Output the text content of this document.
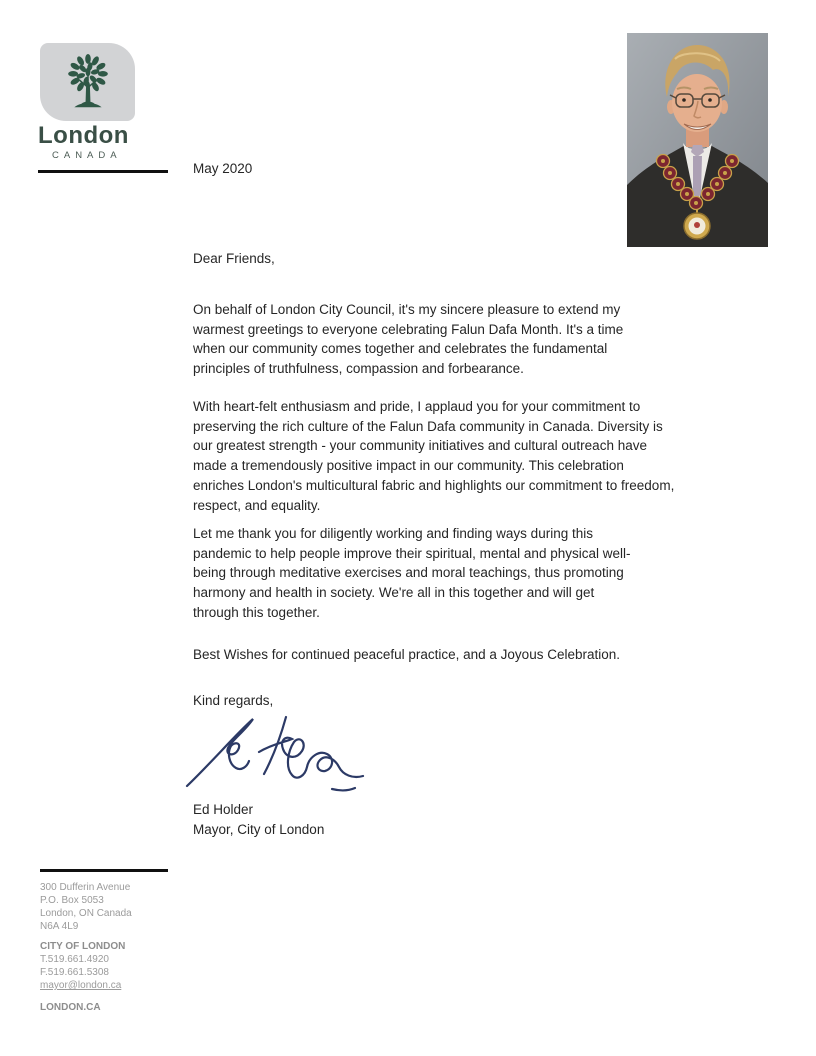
London
CANADA
May 2020
Dear Friends,
On behalf of London City Council, it's my sincere pleasure to extend my
warmest greetings to everyone celebrating Falun Dafa Month. It's a time
when our community comes together and celebrates the fundamental
principles of truthfulness, compassion and forbearance.
With heart-felt enthusiasm and pride, I applaud you for your commitment to
preserving the rich culture of the Falun Dafa community in Canada. Diversity is
our greatest strength - your community initiatives and cultural outreach have
made a tremendously positive impact in our community. This celebration
enriches London's multicultural fabric and highlights our commitment to freedom,
respect, and equality.
Let me thank you for diligently working and finding ways during this
pandemic to help people improve their spiritual, mental and physical well-
being through meditative exercises and moral teachings, thus promoting
harmony and health in society. We're all in this together and will get
through this together.
Best Wishes for continued peaceful practice, and a Joyous Celebration.
Kind regards,
Ed Holder
Mayor, City of London
300 Dufferin Avenue
P.O. Box 5053
London, ON Canada
N6A 4L9
CITY OF LONDON
T.519.661.4920
F.519.661.5308
mayor@london.ca
LONDON.CA
